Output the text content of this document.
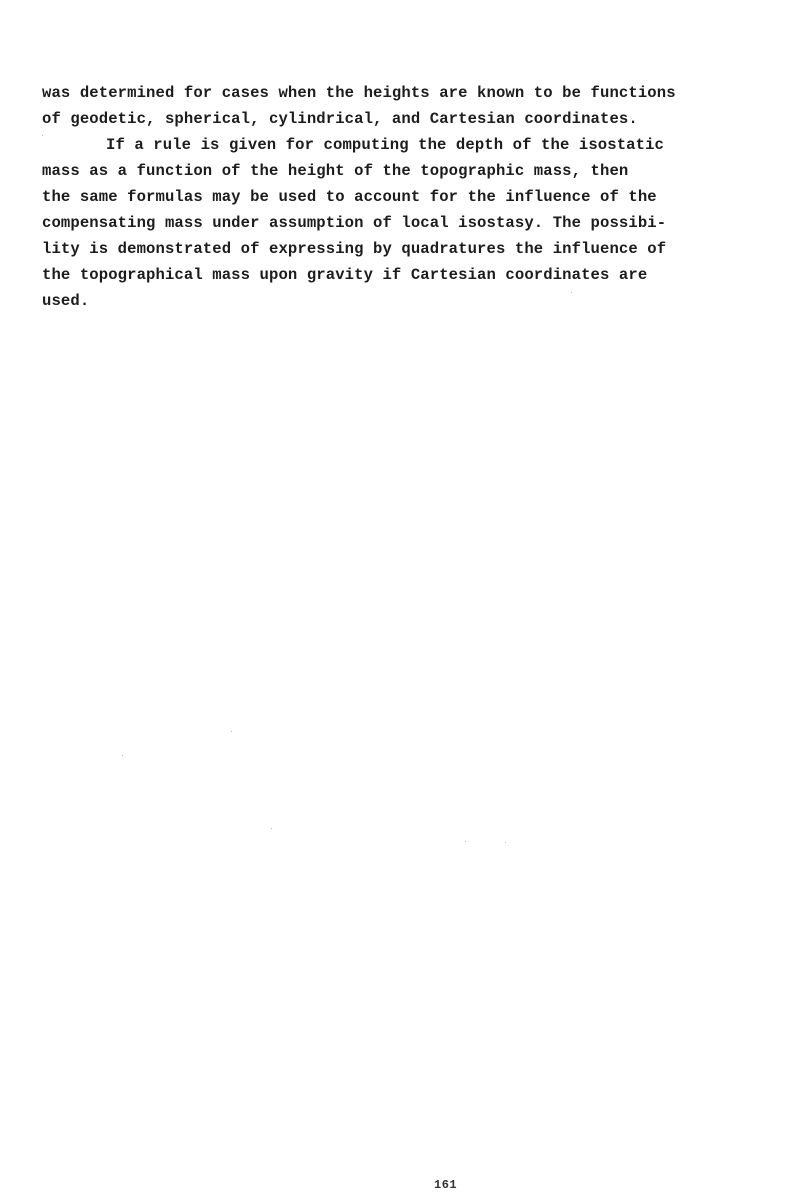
was determined for cases when the heights are known to be functions
of geodetic, spherical, cylindrical, and Cartesian coordinates.
If a rule is given for computing the depth of the isostatic
mass as a function of the height of the topographic mass, then
the same formulas may be used to account for the influence of the
compensating mass under assumption of local isostasy. The possibi-
lity is demonstrated of expressing by quadratures the influence of
the topographical mass upon gravity if Cartesian coordinates are
used.
161
